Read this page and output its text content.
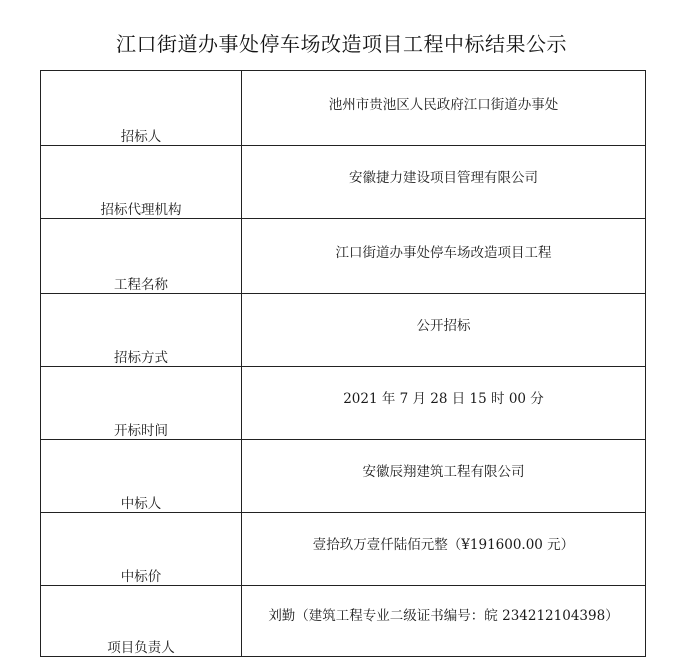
江口街道办事处停车场改造项目工程中标结果公示
招标人	池州市贵池区人民政府江口街道办事处
招标代理机构	安徽捷力建设项目管理有限公司
工程名称	江口街道办事处停车场改造项目工程
招标方式	公开招标
开标时间	2021 年 7 月 28 日 15 时 00 分
中标人	安徽辰翔建筑工程有限公司
中标价	壹拾玖万壹仟陆佰元整（¥191600.00 元）
项目负责人	刘勤（建筑工程专业二级证书编号：皖 234212104398）
